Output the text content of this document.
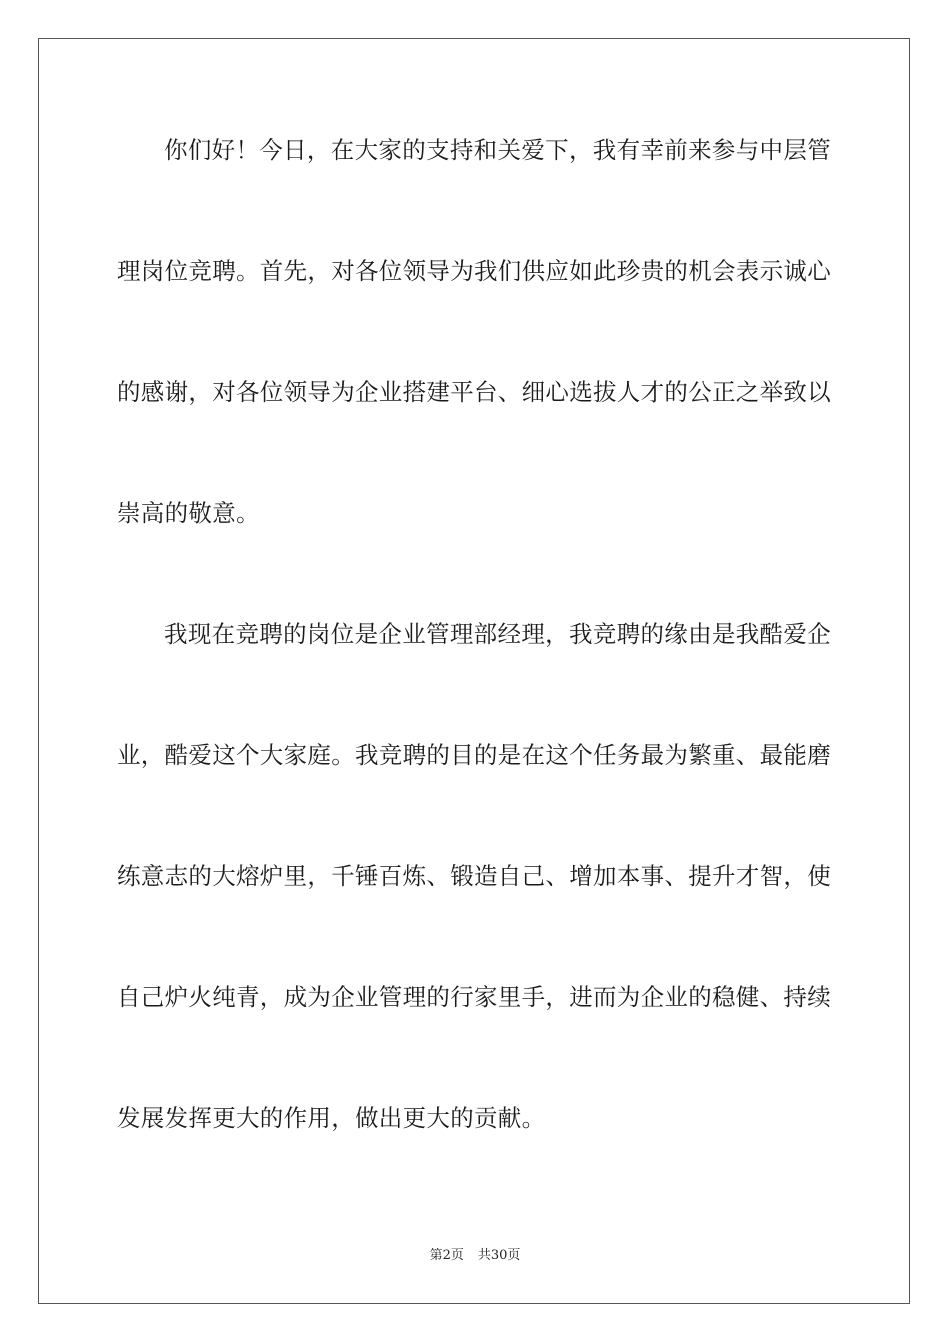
你们好！今日，在大家的支持和关爱下，我有幸前来参与中层管
理岗位竞聘。首先，对各位领导为我们供应如此珍贵的机会表示诚心
的感谢，对各位领导为企业搭建平台、细心选拔人才的公正之举致以
崇高的敬意。
我现在竞聘的岗位是企业管理部经理，我竞聘的缘由是我酷爱企
业，酷爱这个大家庭。我竞聘的目的是在这个任务最为繁重、最能磨
练意志的大熔炉里，千锤百炼、锻造自己、增加本事、提升才智，使
自己炉火纯青，成为企业管理的行家里手，进而为企业的稳健、持续
发展发挥更大的作用，做出更大的贡献。
第2页 共30页
